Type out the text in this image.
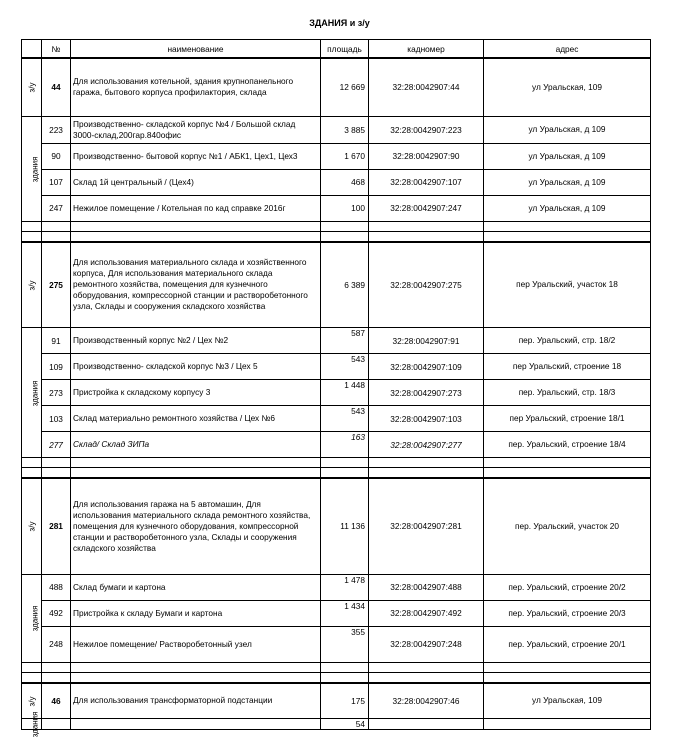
ЗДАНИЯ и з/у
	№	наименование	площадь	кадномер	адрес
з/у	44	Для использования котельной, здания крупнопанельного гаража, бытового корпуса профилактория, склада	12 669	32:28:0042907:44	ул Уральская, 109
здания	223	Производственно- складской корпус №4 / Большой склад 3000-склад,200гар.840офис	3 885	32:28:0042907:223	ул Уральская, д 109
	90	Производственно- бытовой корпус №1 / АБК1, Цех1, Цех3	1 670	32:28:0042907:90	ул Уральская, д 109
	107	Склад 1й центральный / (Цех4)	468	32:28:0042907:107	ул Уральская, д 109
	247	Нежилое помещение / Котельная по кад справке 2016г	100	32:28:0042907:247	ул Уральская, д 109

з/у	275	Для использования материального склада и хозяйственного корпуса, Для использования материального склада ремонтного хозяйства, помещения для кузнечного оборудования, компрессорной станции и растворобетонного узла, Склады и сооружения складского хозяйства	6 389	32:28:0042907:275	пер Уральский, участок 18
здания	91	Производственный корпус №2 / Цех №2	587	32:28:0042907:91	пер. Уральский, стр. 18/2
	109	Производственно- складской корпус №3 / Цех 5	543	32:28:0042907:109	пер Уральский, строение 18
	273	Пристройка к складскому корпусу 3	1 448	32:28:0042907:273	пер. Уральский, стр. 18/3
	103	Склад материально ремонтного хозяйства / Цех №6	543	32:28:0042907:103	пер Уральский, строение 18/1
	277	Склад/ Склад ЗИПа	163	32:28:0042907:277	пер. Уральский, строение 18/4

з/у	281	Для использования гаража на 5 автомашин, Для использования материального склада ремонтного хозяйства, помещения для кузнечного оборудования, компрессорной станции и растворобетонного узла, Склады и сооружения складского хозяйства	11 136	32:28:0042907:281	пер. Уральский, участок 20
здания	488	Склад бумаги и картона	1 478	32:28:0042907:488	пер. Уральский, строение 20/2
	492	Пристройка к складу Бумаги и картона	1 434	32:28:0042907:492	пер. Уральский, строение 20/3
	248	Нежилое помещение/ Растворобетонный узел	355	32:28:0042907:248	пер. Уральский, строение 20/1

з/у	46	Для использования трансформаторной подстанции	175	32:28:0042907:46	ул Уральская, 109
здания			54		
